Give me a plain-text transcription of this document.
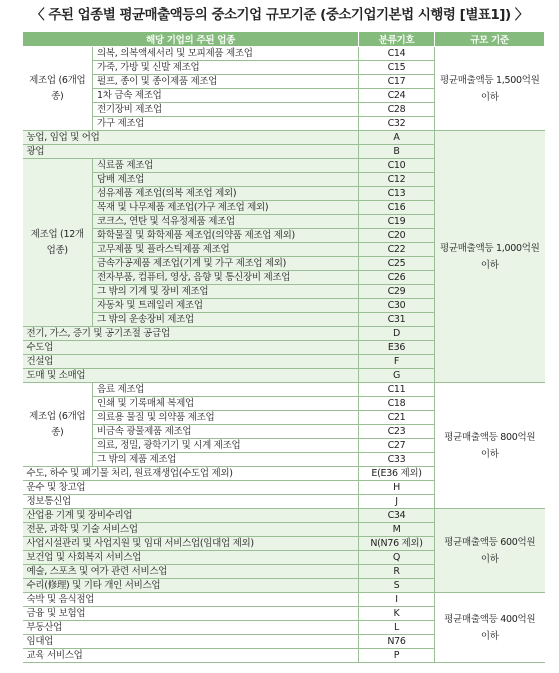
〈 주된 업종별 평균매출액등의 중소기업 규모기준 (중소기업기본법 시행령 [별표1]) 〉
해당 기업의 주된 업종		분류기호	규모 기준
제조업 (6개업종)	의복, 의복액세서리 및 모피제품 제조업	C14	평균매출액등 1,500억원 이하
	가죽, 가방 및 신발 제조업	C15	
	펄프, 종이 및 종이제품 제조업	C17	
	1차 금속 제조업	C24	
	전기장비 제조업	C28	
	가구 제조업	C32	
농업, 임업 및 어업		A	평균매출액등 1,000억원 이하
광업		B	
제조업 (12개업종)	식료품 제조업	C10	
	담배 제조업	C12	
	섬유제품 제조업(의복 제조업 제외)	C13	
	목재 및 나무제품 제조업(가구 제조업 제외)	C16	
	코크스, 연탄 및 석유정제품 제조업	C19	
	화학물질 및 화학제품 제조업(의약품 제조업 제외)	C20	
	고무제품 및 플라스틱제품 제조업	C22	
	금속가공제품 제조업(기계 및 가구 제조업 제외)	C25	
	전자부품, 컴퓨터, 영상, 음향 및 통신장비 제조업	C26	
	그 밖의 기계 및 장비 제조업	C29	
	자동차 및 트레일러 제조업	C30	
	그 밖의 운송장비 제조업	C31	
전기, 가스, 증기 및 공기조절 공급업		D	
수도업		E36	
건설업		F	
도매 및 소매업		G	
제조업 (6개업종)	음료 제조업	C11	평균매출액등 800억원 이하
	인쇄 및 기록매체 복제업	C18	
	의료용 물질 및 의약품 제조업	C21	
	비금속 광물제품 제조업	C23	
	의료, 정밀, 광학기기 및 시계 제조업	C27	
	그 밖의 제품 제조업	C33	
수도, 하수 및 폐기물 처리, 원료재생업(수도업 제외)		E(E36 제외)	
운수 및 창고업		H	
정보통신업		J	
산업용 기계 및 장비수리업		C34	평균매출액등 600억원 이하
전문, 과학 및 기술 서비스업		M	
사업시설관리 및 사업지원 및 임대 서비스업(임대업 제외)		N(N76 제외)	
보건업 및 사회복지 서비스업		Q	
예술, 스포츠 및 여가 관련 서비스업		R	
수리(修理) 및 기타 개인 서비스업		S	
숙박 및 음식점업		I	평균매출액등 400억원 이하
금융 및 보험업		K	
부동산업		L	
임대업		N76	
교육 서비스업		P	
